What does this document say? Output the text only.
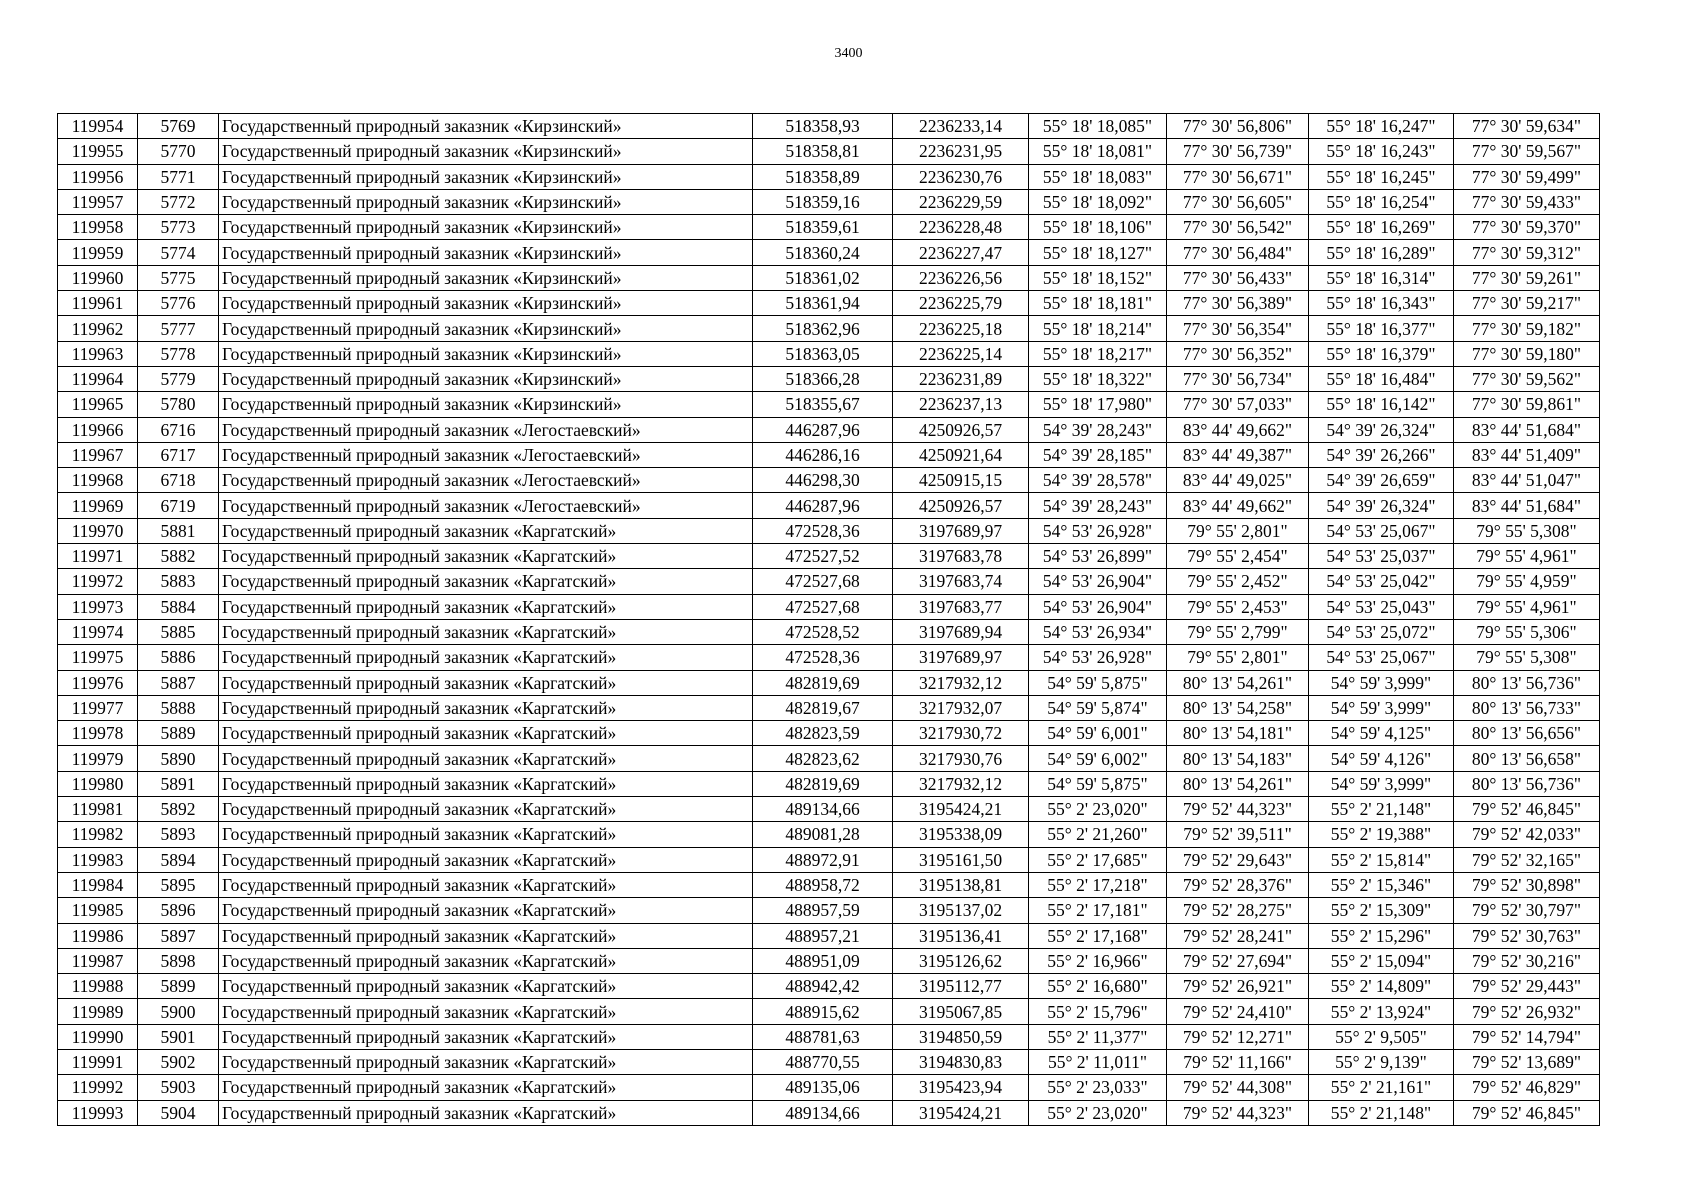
3400
119954	5769	Государственный природный заказник «Кирзинский»	518358,93	2236233,14	55° 18' 18,085"	77° 30' 56,806"	55° 18' 16,247"	77° 30' 59,634"
119955	5770	Государственный природный заказник «Кирзинский»	518358,81	2236231,95	55° 18' 18,081"	77° 30' 56,739"	55° 18' 16,243"	77° 30' 59,567"
119956	5771	Государственный природный заказник «Кирзинский»	518358,89	2236230,76	55° 18' 18,083"	77° 30' 56,671"	55° 18' 16,245"	77° 30' 59,499"
119957	5772	Государственный природный заказник «Кирзинский»	518359,16	2236229,59	55° 18' 18,092"	77° 30' 56,605"	55° 18' 16,254"	77° 30' 59,433"
119958	5773	Государственный природный заказник «Кирзинский»	518359,61	2236228,48	55° 18' 18,106"	77° 30' 56,542"	55° 18' 16,269"	77° 30' 59,370"
119959	5774	Государственный природный заказник «Кирзинский»	518360,24	2236227,47	55° 18' 18,127"	77° 30' 56,484"	55° 18' 16,289"	77° 30' 59,312"
119960	5775	Государственный природный заказник «Кирзинский»	518361,02	2236226,56	55° 18' 18,152"	77° 30' 56,433"	55° 18' 16,314"	77° 30' 59,261"
119961	5776	Государственный природный заказник «Кирзинский»	518361,94	2236225,79	55° 18' 18,181"	77° 30' 56,389"	55° 18' 16,343"	77° 30' 59,217"
119962	5777	Государственный природный заказник «Кирзинский»	518362,96	2236225,18	55° 18' 18,214"	77° 30' 56,354"	55° 18' 16,377"	77° 30' 59,182"
119963	5778	Государственный природный заказник «Кирзинский»	518363,05	2236225,14	55° 18' 18,217"	77° 30' 56,352"	55° 18' 16,379"	77° 30' 59,180"
119964	5779	Государственный природный заказник «Кирзинский»	518366,28	2236231,89	55° 18' 18,322"	77° 30' 56,734"	55° 18' 16,484"	77° 30' 59,562"
119965	5780	Государственный природный заказник «Кирзинский»	518355,67	2236237,13	55° 18' 17,980"	77° 30' 57,033"	55° 18' 16,142"	77° 30' 59,861"
119966	6716	Государственный природный заказник «Легостаевский»	446287,96	4250926,57	54° 39' 28,243"	83° 44' 49,662"	54° 39' 26,324"	83° 44' 51,684"
119967	6717	Государственный природный заказник «Легостаевский»	446286,16	4250921,64	54° 39' 28,185"	83° 44' 49,387"	54° 39' 26,266"	83° 44' 51,409"
119968	6718	Государственный природный заказник «Легостаевский»	446298,30	4250915,15	54° 39' 28,578"	83° 44' 49,025"	54° 39' 26,659"	83° 44' 51,047"
119969	6719	Государственный природный заказник «Легостаевский»	446287,96	4250926,57	54° 39' 28,243"	83° 44' 49,662"	54° 39' 26,324"	83° 44' 51,684"
119970	5881	Государственный природный заказник «Каргатский»	472528,36	3197689,97	54° 53' 26,928"	79° 55' 2,801"	54° 53' 25,067"	79° 55' 5,308"
119971	5882	Государственный природный заказник «Каргатский»	472527,52	3197683,78	54° 53' 26,899"	79° 55' 2,454"	54° 53' 25,037"	79° 55' 4,961"
119972	5883	Государственный природный заказник «Каргатский»	472527,68	3197683,74	54° 53' 26,904"	79° 55' 2,452"	54° 53' 25,042"	79° 55' 4,959"
119973	5884	Государственный природный заказник «Каргатский»	472527,68	3197683,77	54° 53' 26,904"	79° 55' 2,453"	54° 53' 25,043"	79° 55' 4,961"
119974	5885	Государственный природный заказник «Каргатский»	472528,52	3197689,94	54° 53' 26,934"	79° 55' 2,799"	54° 53' 25,072"	79° 55' 5,306"
119975	5886	Государственный природный заказник «Каргатский»	472528,36	3197689,97	54° 53' 26,928"	79° 55' 2,801"	54° 53' 25,067"	79° 55' 5,308"
119976	5887	Государственный природный заказник «Каргатский»	482819,69	3217932,12	54° 59' 5,875"	80° 13' 54,261"	54° 59' 3,999"	80° 13' 56,736"
119977	5888	Государственный природный заказник «Каргатский»	482819,67	3217932,07	54° 59' 5,874"	80° 13' 54,258"	54° 59' 3,999"	80° 13' 56,733"
119978	5889	Государственный природный заказник «Каргатский»	482823,59	3217930,72	54° 59' 6,001"	80° 13' 54,181"	54° 59' 4,125"	80° 13' 56,656"
119979	5890	Государственный природный заказник «Каргатский»	482823,62	3217930,76	54° 59' 6,002"	80° 13' 54,183"	54° 59' 4,126"	80° 13' 56,658"
119980	5891	Государственный природный заказник «Каргатский»	482819,69	3217932,12	54° 59' 5,875"	80° 13' 54,261"	54° 59' 3,999"	80° 13' 56,736"
119981	5892	Государственный природный заказник «Каргатский»	489134,66	3195424,21	55° 2' 23,020"	79° 52' 44,323"	55° 2' 21,148"	79° 52' 46,845"
119982	5893	Государственный природный заказник «Каргатский»	489081,28	3195338,09	55° 2' 21,260"	79° 52' 39,511"	55° 2' 19,388"	79° 52' 42,033"
119983	5894	Государственный природный заказник «Каргатский»	488972,91	3195161,50	55° 2' 17,685"	79° 52' 29,643"	55° 2' 15,814"	79° 52' 32,165"
119984	5895	Государственный природный заказник «Каргатский»	488958,72	3195138,81	55° 2' 17,218"	79° 52' 28,376"	55° 2' 15,346"	79° 52' 30,898"
119985	5896	Государственный природный заказник «Каргатский»	488957,59	3195137,02	55° 2' 17,181"	79° 52' 28,275"	55° 2' 15,309"	79° 52' 30,797"
119986	5897	Государственный природный заказник «Каргатский»	488957,21	3195136,41	55° 2' 17,168"	79° 52' 28,241"	55° 2' 15,296"	79° 52' 30,763"
119987	5898	Государственный природный заказник «Каргатский»	488951,09	3195126,62	55° 2' 16,966"	79° 52' 27,694"	55° 2' 15,094"	79° 52' 30,216"
119988	5899	Государственный природный заказник «Каргатский»	488942,42	3195112,77	55° 2' 16,680"	79° 52' 26,921"	55° 2' 14,809"	79° 52' 29,443"
119989	5900	Государственный природный заказник «Каргатский»	488915,62	3195067,85	55° 2' 15,796"	79° 52' 24,410"	55° 2' 13,924"	79° 52' 26,932"
119990	5901	Государственный природный заказник «Каргатский»	488781,63	3194850,59	55° 2' 11,377"	79° 52' 12,271"	55° 2' 9,505"	79° 52' 14,794"
119991	5902	Государственный природный заказник «Каргатский»	488770,55	3194830,83	55° 2' 11,011"	79° 52' 11,166"	55° 2' 9,139"	79° 52' 13,689"
119992	5903	Государственный природный заказник «Каргатский»	489135,06	3195423,94	55° 2' 23,033"	79° 52' 44,308"	55° 2' 21,161"	79° 52' 46,829"
119993	5904	Государственный природный заказник «Каргатский»	489134,66	3195424,21	55° 2' 23,020"	79° 52' 44,323"	55° 2' 21,148"	79° 52' 46,845"
